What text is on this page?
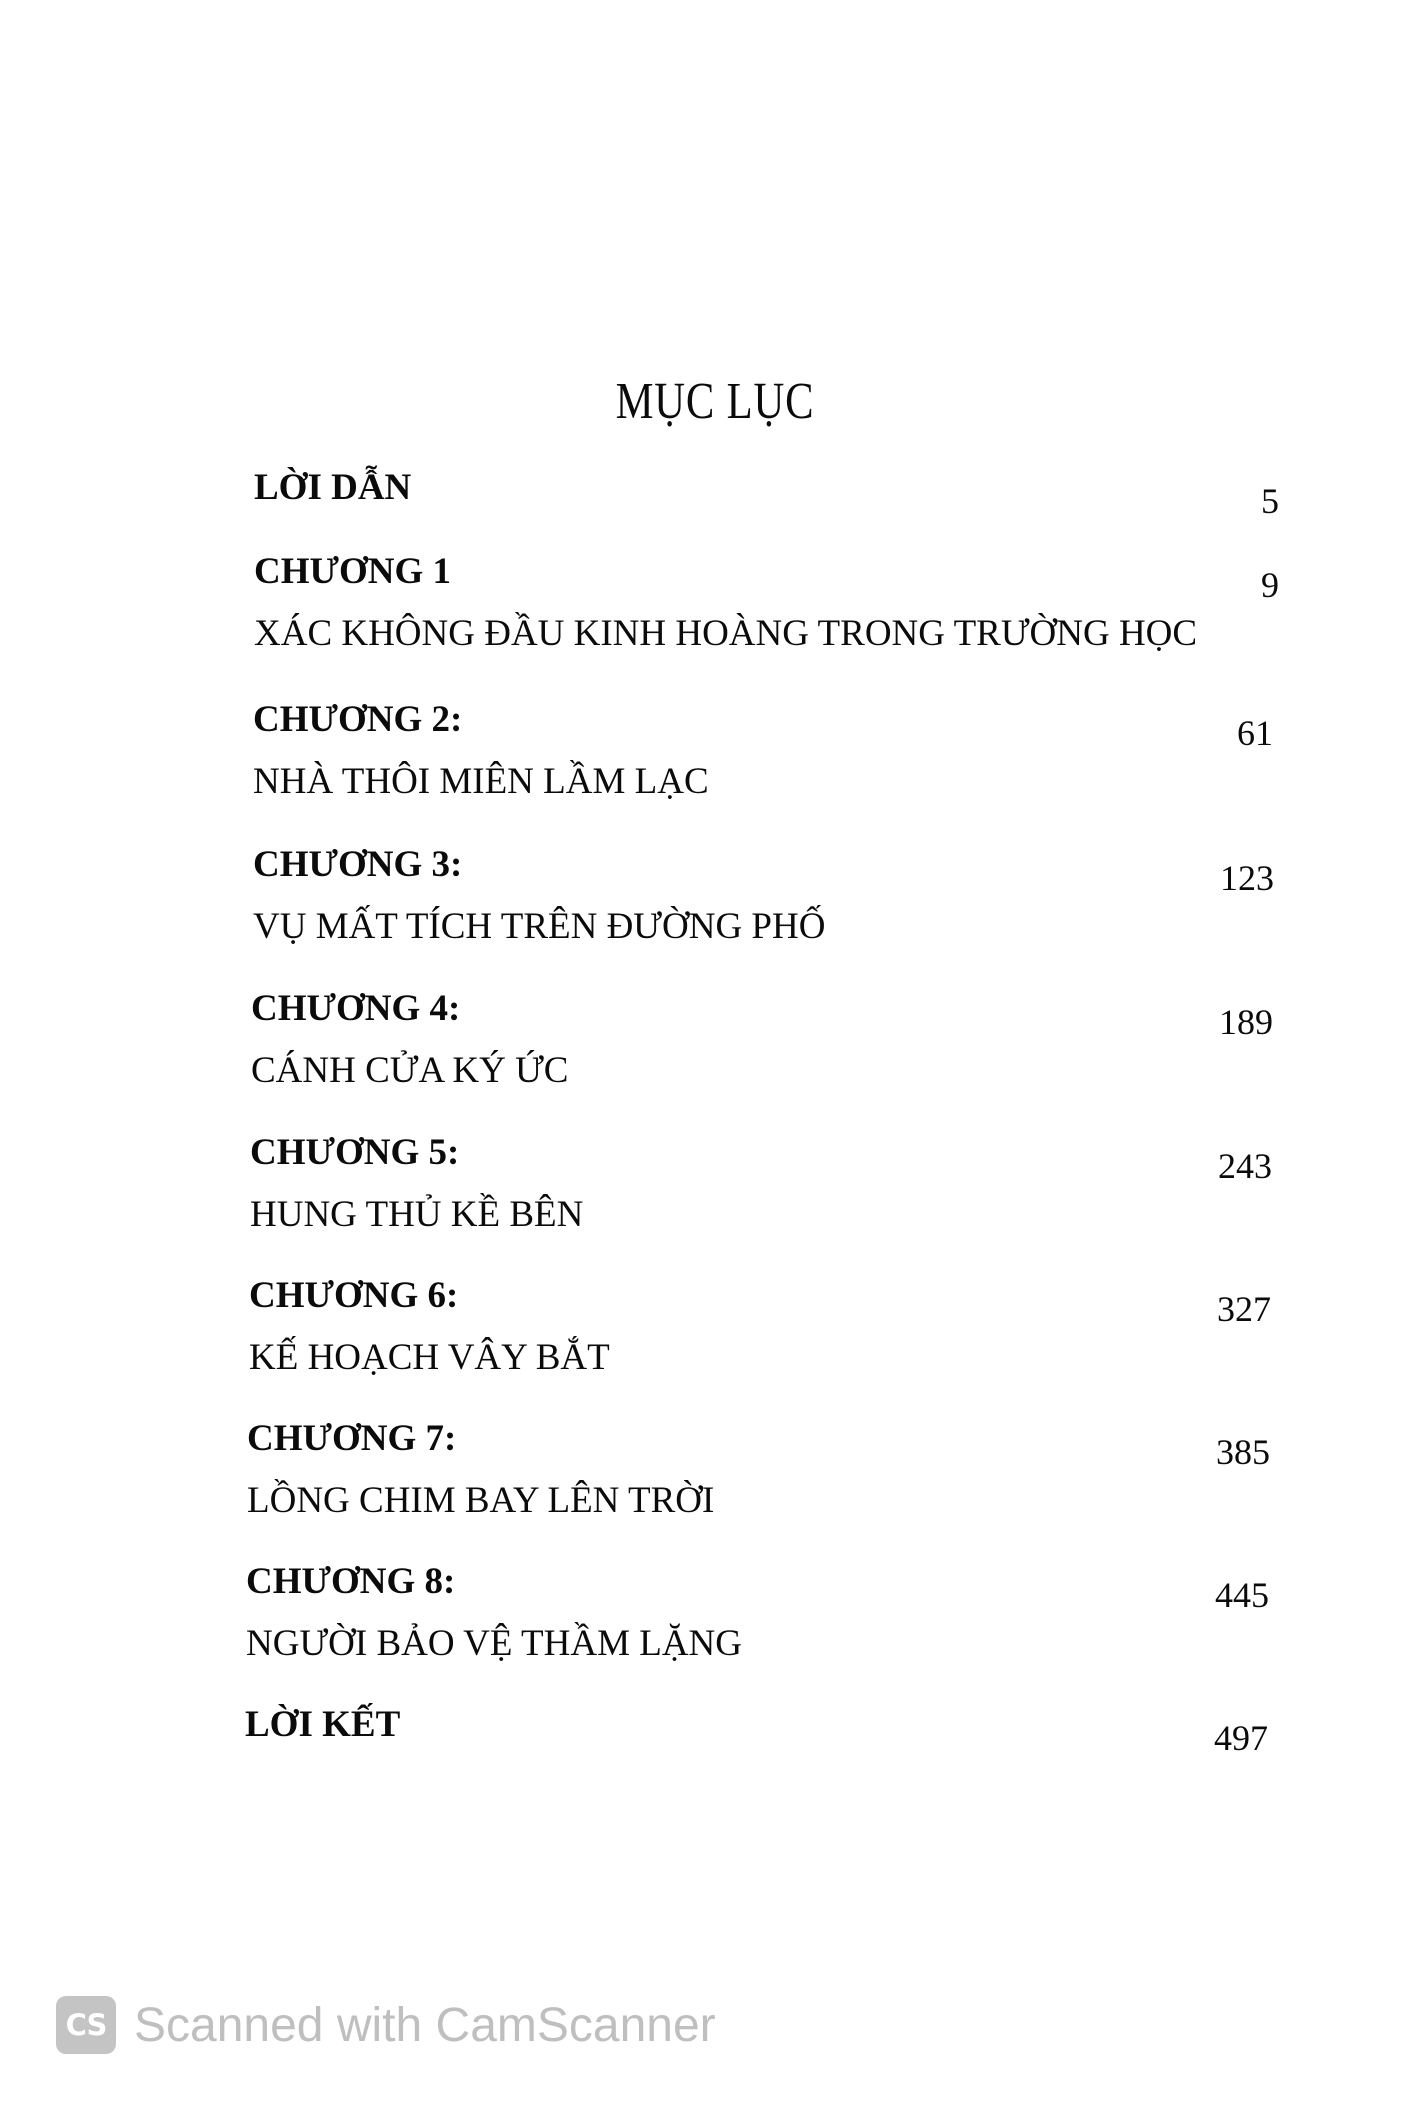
MỤC LỤC
LỜI DẪN	5
CHƯƠNG 1
XÁC KHÔNG ĐẦU KINH HOÀNG TRONG TRƯỜNG HỌC
9
CHƯƠNG 2:
NHÀ THÔI MIÊN LẦM LẠC
61
CHƯƠNG 3:
VỤ MẤT TÍCH TRÊN ĐƯỜNG PHỐ
123
CHƯƠNG 4:
CÁNH CỬA KÝ ỨC
189
CHƯƠNG 5:
HUNG THỦ KỀ BÊN
243
CHƯƠNG 6:
KẾ HOẠCH VÂY BẮT
327
CHƯƠNG 7:
LỒNG CHIM BAY LÊN TRỜI
385
CHƯƠNG 8:
NGƯỜI BẢO VỆ THẦM LẶNG
445
LỜI KẾT	497
CS Scanned with CamScanner
